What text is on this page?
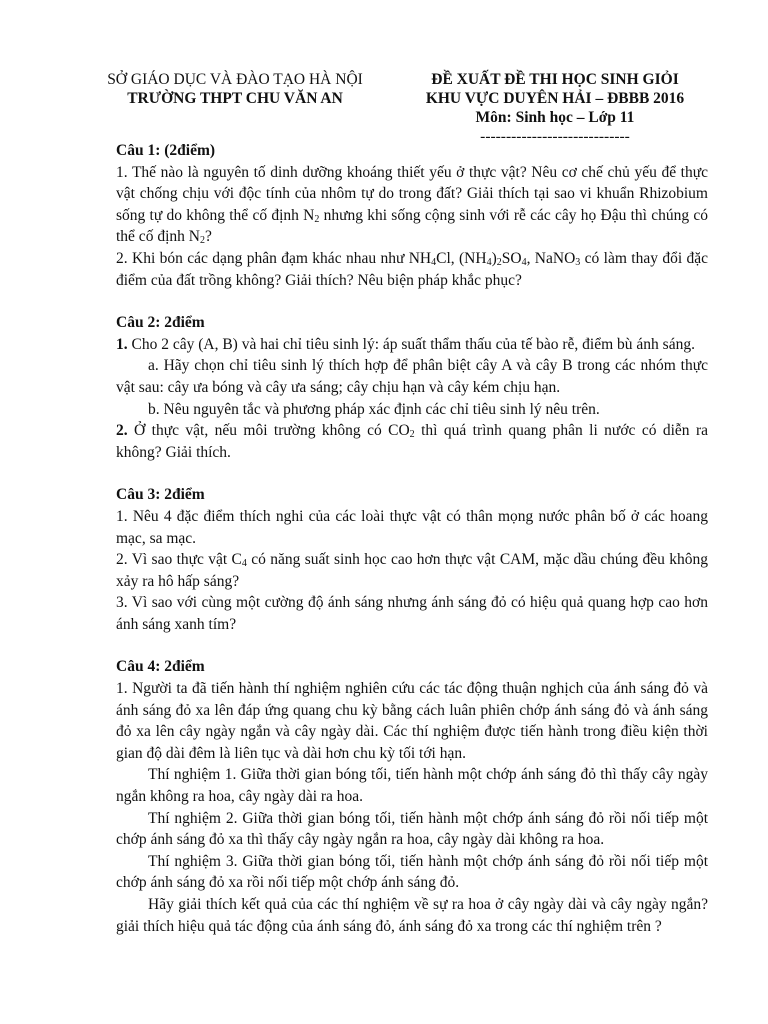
SỞ GIÁO DỤC VÀ ĐÀO TẠO HÀ NỘI
TRƯỜNG THPT CHU VĂN AN
ĐỀ XUẤT ĐỀ THI HỌC SINH GIỎI
KHU VỰC DUYÊN HẢI – ĐBBB 2016
Môn: Sinh học – Lớp 11
-----------------------------

Câu 1: (2điểm)

1. Thế nào là nguyên tố dinh dưỡng khoáng thiết yếu ở thực vật? Nêu cơ chế chủ yếu để thực vật chống chịu với độc tính của nhôm tự do trong đất? Giải thích tại sao vi khuẩn Rhizobium sống tự do không thể cố định $N_2$ nhưng khi sống cộng sinh với rễ các cây họ Đậu thì chúng có thể cố định $N_2$?

2. Khi bón các dạng phân đạm khác nhau như $NH_4Cl$, $(NH_4)_2SO_4$, NaNO$_3$ có làm thay đổi đặc điểm của đất trồng không? Giải thích? Nêu biện pháp khắc phục?

Câu 2: 2điểm

1. Cho 2 cây (A, B) và hai chỉ tiêu sinh lý: áp suất thẩm thấu của tế bào rễ, điểm bù ánh sáng.

a. Hãy chọn chỉ tiêu sinh lý thích hợp để phân biệt cây A và cây B trong các nhóm thực vật sau: cây ưa bóng và cây ưa sáng; cây chịu hạn và cây kém chịu hạn.

b. Nêu nguyên tắc và phương pháp xác định các chỉ tiêu sinh lý nêu trên.

2. Ở thực vật, nếu môi trường không có $CO_2$ thì quá trình quang phân li nước có diễn ra không? Giải thích.

Câu 3: 2điểm

1. Nêu 4 đặc điểm thích nghi của các loài thực vật có thân mọng nước phân bố ở các hoang mạc, sa mạc.

2. Vì sao thực vật $C_4$ có năng suất sinh học cao hơn thực vật CAM, mặc dầu chúng đều không xảy ra hô hấp sáng?

3. Vì sao với cùng một cường độ ánh sáng nhưng ánh sáng đỏ có hiệu quả quang hợp cao hơn ánh sáng xanh tím?

Câu 4: 2điểm

1. Người ta đã tiến hành thí nghiệm nghiên cứu các tác động thuận nghịch của ánh sáng đỏ và ánh sáng đỏ xa lên đáp ứng quang chu kỳ bằng cách luân phiên chớp ánh sáng đỏ và ánh sáng đỏ xa lên cây ngày ngắn và cây ngày dài. Các thí nghiệm được tiến hành trong điều kiện thời gian độ dài đêm là liên tục và dài hơn chu kỳ tối tới hạn.

Thí nghiệm 1. Giữa thời gian bóng tối, tiến hành một chớp ánh sáng đỏ thì thấy cây ngày ngắn không ra hoa, cây ngày dài ra hoa.

Thí nghiệm 2. Giữa thời gian bóng tối, tiến hành một chớp ánh sáng đỏ rồi nối tiếp một chớp ánh sáng đỏ xa thì thấy cây ngày ngắn ra hoa, cây ngày dài không ra hoa.

Thí nghiệm 3. Giữa thời gian bóng tối, tiến hành một chớp ánh sáng đỏ rồi nối tiếp một chớp ánh sáng đỏ xa rồi nối tiếp một chớp ánh sáng đỏ.

Hãy giải thích kết quả của các thí nghiệm về sự ra hoa ở cây ngày dài và cây ngày ngắn? giải thích hiệu quả tác động của ánh sáng đỏ, ánh sáng đỏ xa trong các thí nghiệm trên ?
